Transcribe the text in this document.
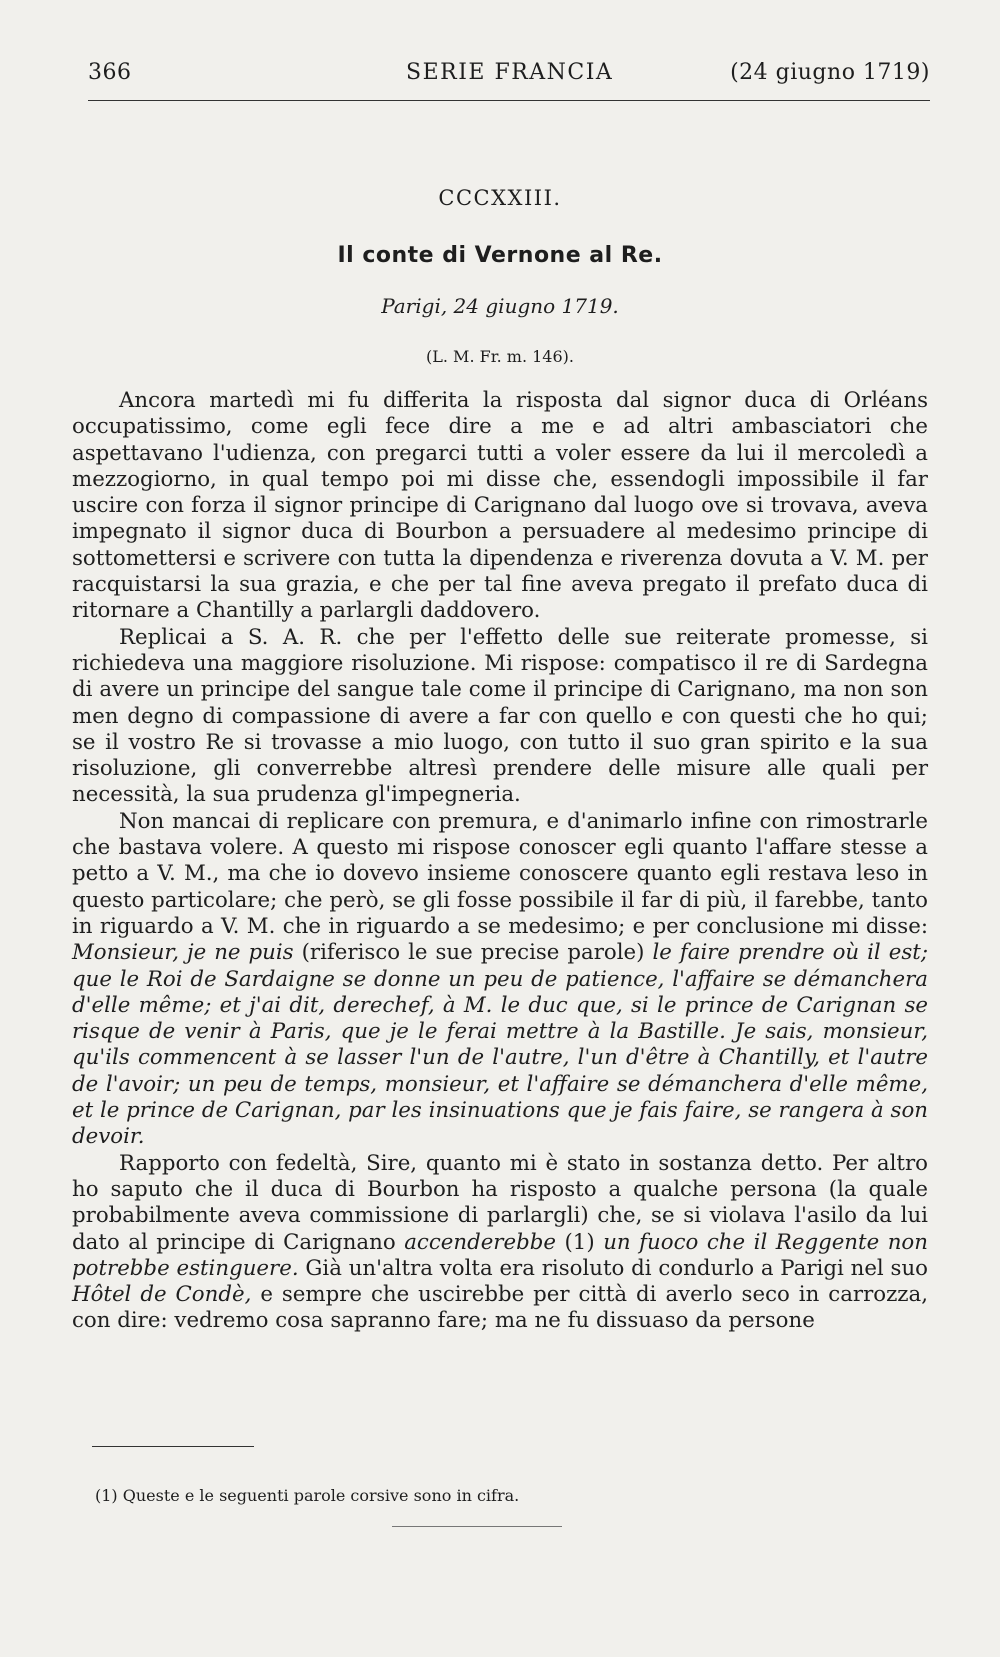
366	SERIE FRANCIA	(24 giugno 1719)
CCCXXIII.
Il conte di Vernone al Re.
Parigi, 24 giugno 1719.
(L. M. Fr. m. 146).

Ancora martedì mi fu differita la risposta dal signor duca di Orléans occupatissimo, come egli fece dire a me e ad altri ambasciatori che aspettavano l'udienza, con pregarci tutti a voler essere da lui il mercoledì a mezzogiorno, in qual tempo poi mi disse che, essendogli impossibile il far uscire con forza il signor principe di Carignano dal luogo ove si trovava, aveva impegnato il signor duca di Bourbon a persuadere al medesimo principe di sottomettersi e scrivere con tutta la dipendenza e riverenza dovuta a V. M. per racquistarsi la sua grazia, e che per tal fine aveva pregato il prefato duca di ritornare a Chantilly a parlargli daddovero.

Replicai a S. A. R. che per l'effetto delle sue reiterate promesse, si richiedeva una maggiore risoluzione. Mi rispose: compatisco il re di Sardegna di avere un principe del sangue tale come il principe di Carignano, ma non son men degno di compassione di avere a far con quello e con questi che ho qui; se il vostro Re si trovasse a mio luogo, con tutto il suo gran spirito e la sua risoluzione, gli converrebbe altresì prendere delle misure alle quali per necessità, la sua prudenza gl'impegneria.

Non mancai di replicare con premura, e d'animarlo infine con rimostrarle che bastava volere. A questo mi rispose conoscer egli quanto l'affare stesse a petto a V. M., ma che io dovevo insieme conoscere quanto egli restava leso in questo particolare; che però, se gli fosse possibile il far di più, il farebbe, tanto in riguardo a V. M. che in riguardo a se medesimo; e per conclusione mi disse: Monsieur, je ne puis (riferisco le sue precise parole) le faire prendre où il est; que le Roi de Sardaigne se donne un peu de patience, l'affaire se démanchera d'elle même; et j'ai dit, derechef, à M. le duc que, si le prince de Carignan se risque de venir à Paris, que je le ferai mettre à la Bastille. Je sais, monsieur, qu'ils commencent à se lasser l'un de l'autre, l'un d'être à Chantilly, et l'autre de l'avoir; un peu de temps, monsieur, et l'affaire se démanchera d'elle même, et le prince de Carignan, par les insinuations que je fais faire, se rangera à son devoir.

Rapporto con fedeltà, Sire, quanto mi è stato in sostanza detto. Per altro ho saputo che il duca di Bourbon ha risposto a qualche persona (la quale probabilmente aveva commissione di parlargli) che, se si violava l'asilo da lui dato al principe di Carignano accenderebbe (1) un fuoco che il Reggente non potrebbe estinguere. Già un'altra volta era risoluto di condurlo a Parigi nel suo Hôtel de Condè, e sempre che uscirebbe per città di averlo seco in carrozza, con dire: vedremo cosa sapranno fare; ma ne fu dissuaso da persone

(1) Queste e le seguenti parole corsive sono in cifra.
